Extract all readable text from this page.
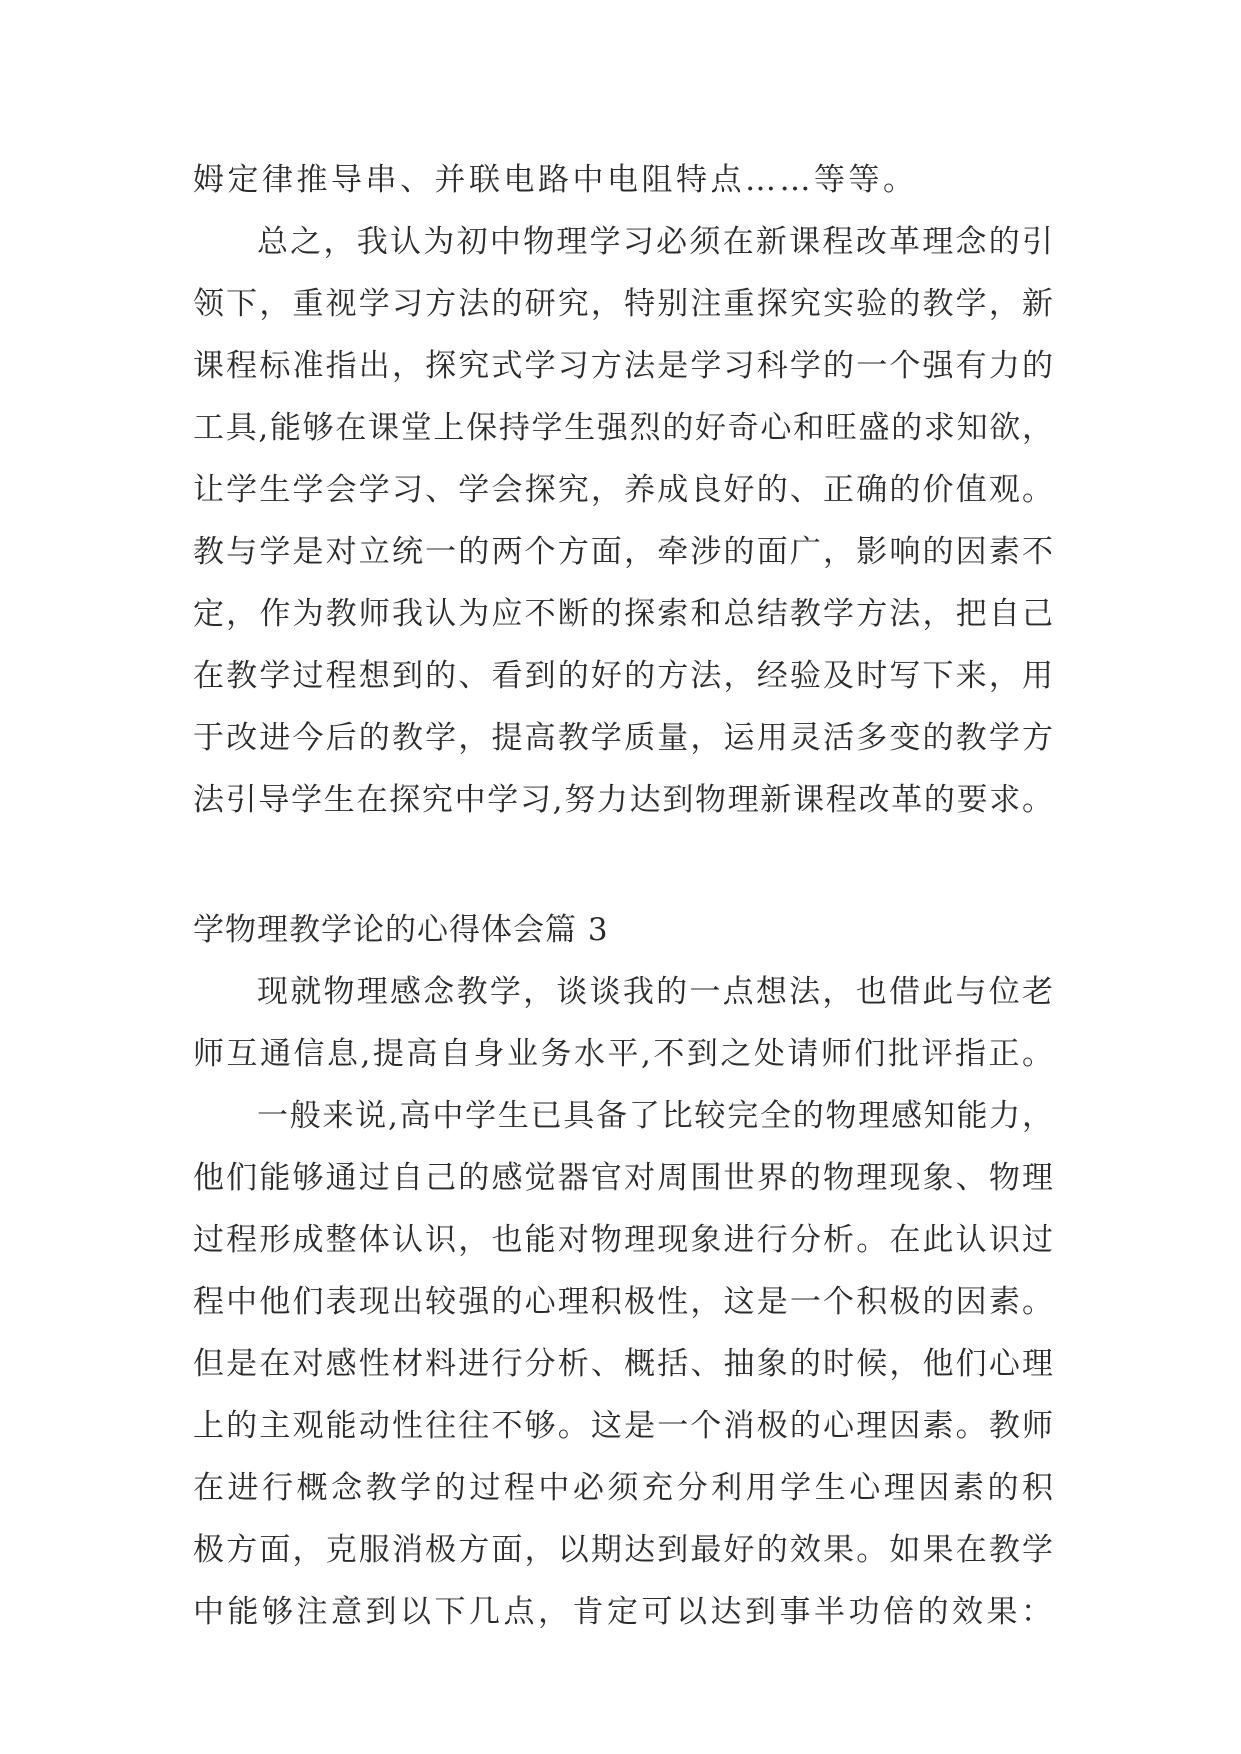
姆定律推导串、并联电路中电阻特点……等等。
总之，我认为初中物理学习必须在新课程改革理念的引
领下，重视学习方法的研究，特别注重探究实验的教学，新
课程标准指出，探究式学习方法是学习科学的一个强有力的
工具,能够在课堂上保持学生强烈的好奇心和旺盛的求知欲，
让学生学会学习、学会探究，养成良好的、正确的价值观。
教与学是对立统一的两个方面，牵涉的面广，影响的因素不
定，作为教师我认为应不断的探索和总结教学方法，把自己
在教学过程想到的、看到的好的方法，经验及时写下来，用
于改进今后的教学，提高教学质量，运用灵活多变的教学方
法引导学生在探究中学习,努力达到物理新课程改革的要求。
学物理教学论的心得体会篇 3
现就物理感念教学，谈谈我的一点想法，也借此与位老
师互通信息,提高自身业务水平,不到之处请师们批评指正。
一般来说,高中学生已具备了比较完全的物理感知能力，
他们能够通过自己的感觉器官对周围世界的物理现象、物理
过程形成整体认识，也能对物理现象进行分析。在此认识过
程中他们表现出较强的心理积极性，这是一个积极的因素。
但是在对感性材料进行分析、概括、抽象的时候，他们心理
上的主观能动性往往不够。这是一个消极的心理因素。教师
在进行概念教学的过程中必须充分利用学生心理因素的积
极方面，克服消极方面，以期达到最好的效果。如果在教学
中能够注意到以下几点，肯定可以达到事半功倍的效果：
